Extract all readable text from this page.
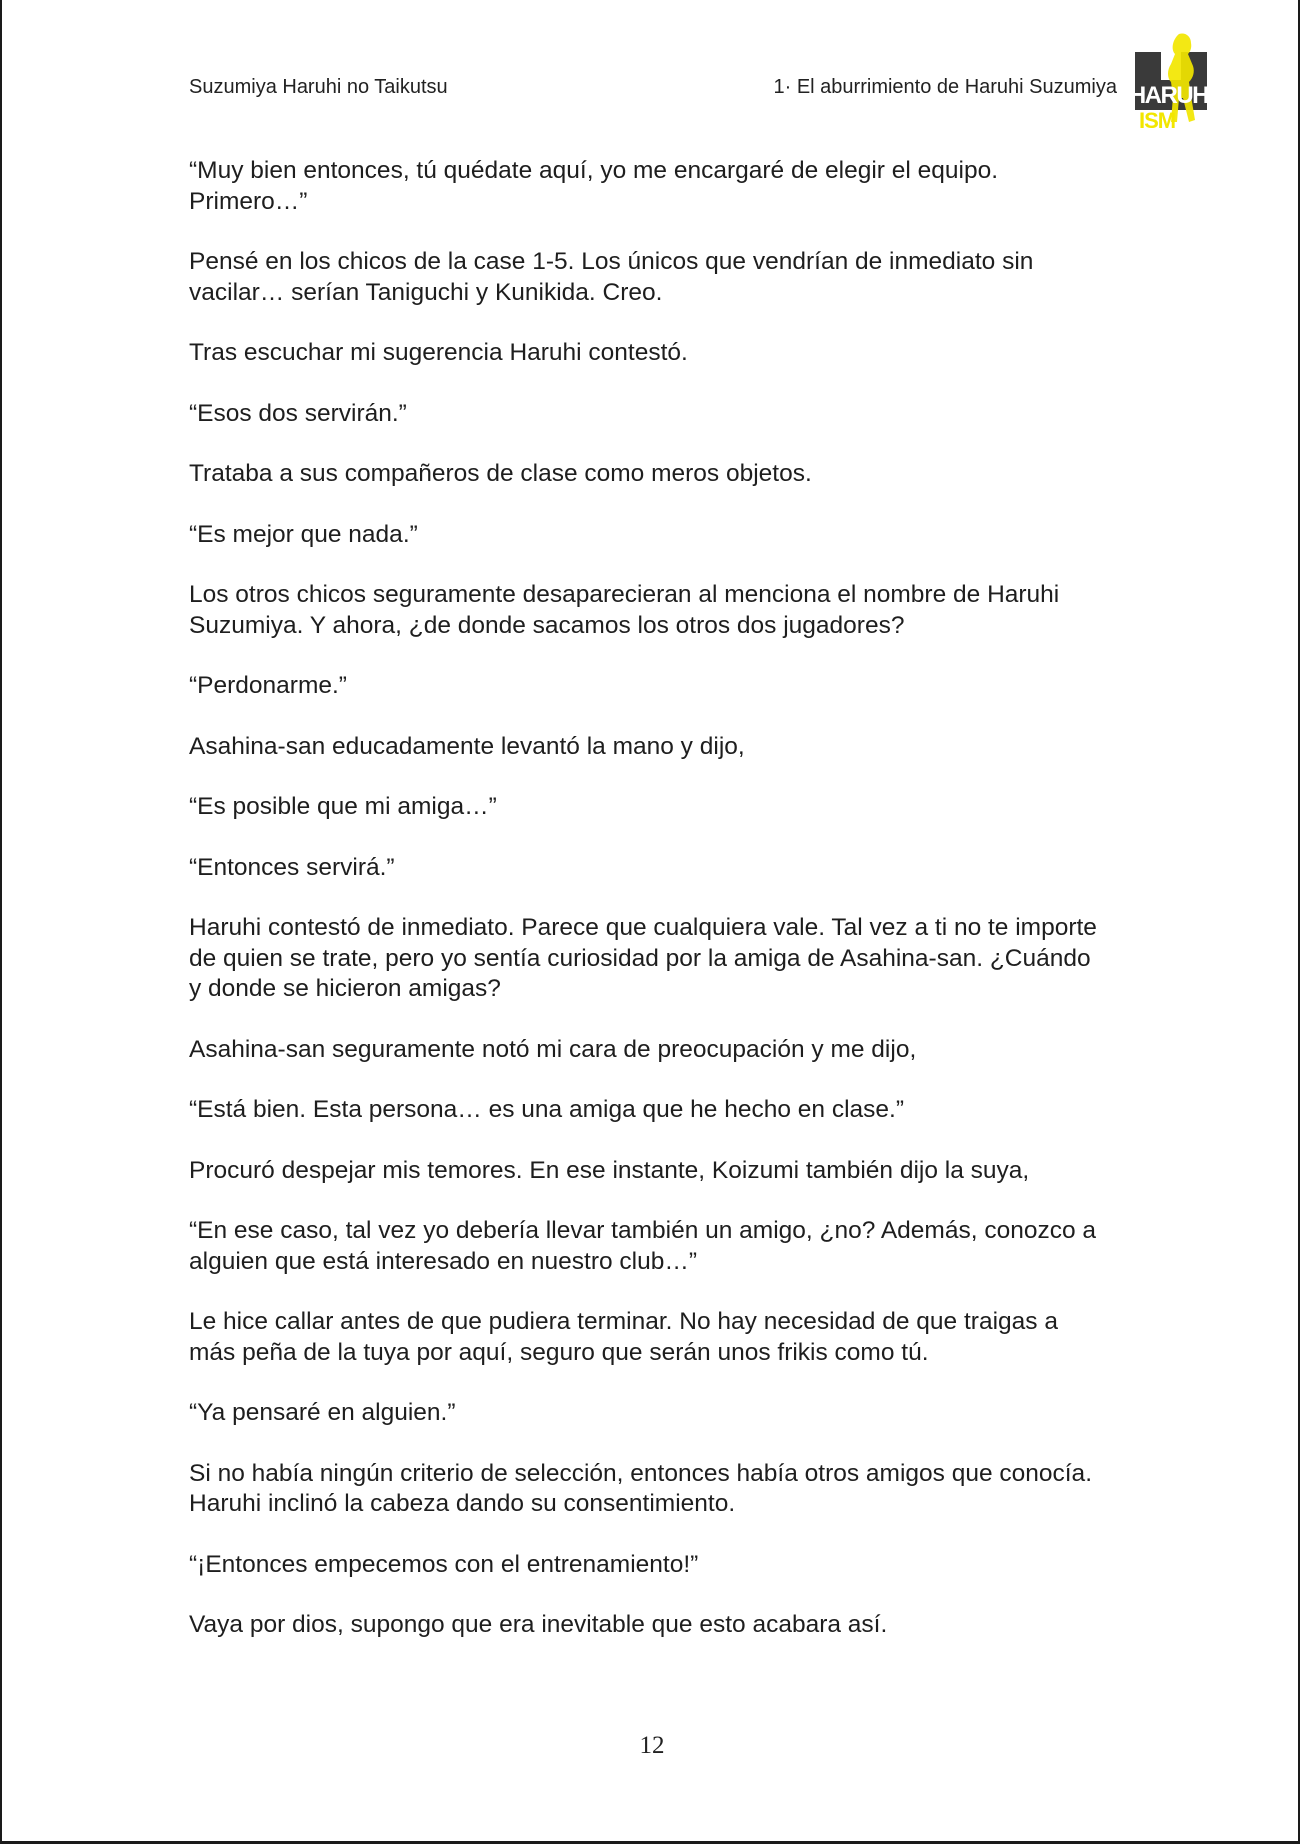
Suzumiya Haruhi no Taikutsu	1· El aburrimiento de Haruhi Suzumiya HARUHI
ISM

“Muy bien entonces, tú quédate aquí, yo me encargaré de elegir el equipo. Primero…”

Pensé en los chicos de la case 1-5. Los únicos que vendrían de inmediato sin vacilar… serían Taniguchi y Kunikida. Creo.

Tras escuchar mi sugerencia Haruhi contestó.

“Esos dos servirán.”

Trataba a sus compañeros de clase como meros objetos.

“Es mejor que nada.”

Los otros chicos seguramente desaparecieran al menciona el nombre de Haruhi Suzumiya. Y ahora, ¿de donde sacamos los otros dos jugadores?

“Perdonarme.”

Asahina-san educadamente levantó la mano y dijo,

“Es posible que mi amiga…”

“Entonces servirá.”

Haruhi contestó de inmediato. Parece que cualquiera vale. Tal vez a ti no te importe de quien se trate, pero yo sentía curiosidad por la amiga de Asahina-san. ¿Cuándo y donde se hicieron amigas?

Asahina-san seguramente notó mi cara de preocupación y me dijo,

“Está bien. Esta persona… es una amiga que he hecho en clase.”

Procuró despejar mis temores. En ese instante, Koizumi también dijo la suya,

“En ese caso, tal vez yo debería llevar también un amigo, ¿no? Además, conozco a alguien que está interesado en nuestro club…”

Le hice callar antes de que pudiera terminar. No hay necesidad de que traigas a más peña de la tuya por aquí, seguro que serán unos frikis como tú.

“Ya pensaré en alguien.”

Si no había ningún criterio de selección, entonces había otros amigos que conocía. Haruhi inclinó la cabeza dando su consentimiento.

“¡Entonces empecemos con el entrenamiento!”

Vaya por dios, supongo que era inevitable que esto acabara así.

12
